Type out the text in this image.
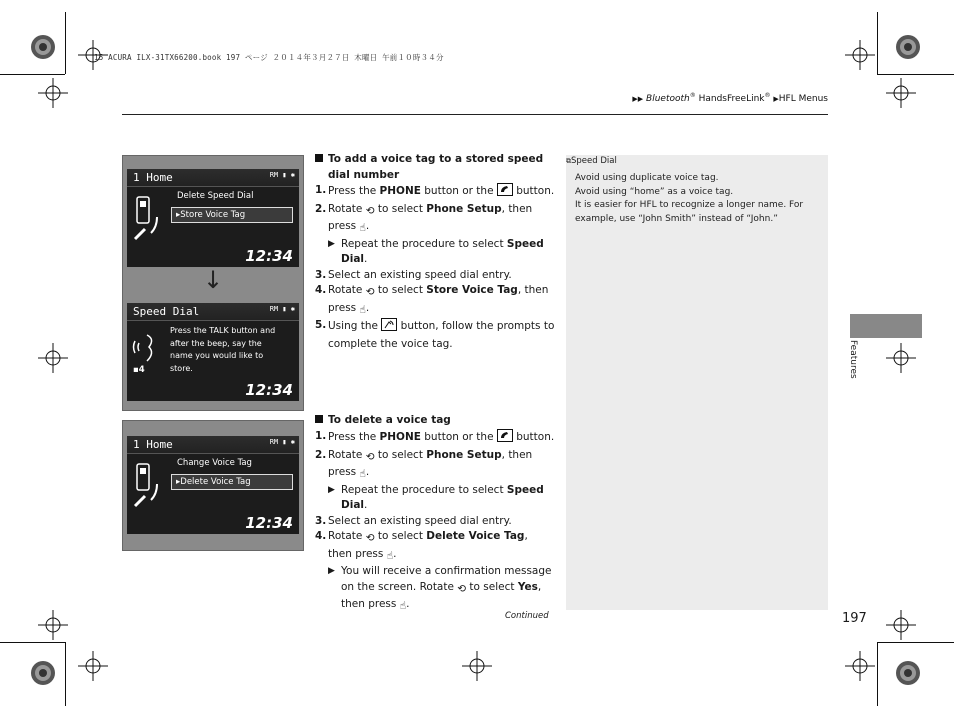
15 ACURA ILX-31TX66200.book 197 ページ ２０１４年３月２７日 木曜日 午前１０時３４分
▶▶ Bluetooth® HandsFreeLink® ▶HFL Menus
1 Home	RM ▮ ✱
Delete Speed Dial
▸Store Voice Tag
12:34
↓
Speed Dial	RM ▮ ✱
▪4
Press the TALK button and
after the beep, say the
name you would like to
store.
12:34
1 Home	RM ▮ ✱
Change Voice Tag
▸Delete Voice Tag
12:34
To add a voice tag to a stored speed
dial number
1. Press the PHONE button or the  button.
2. Rotate ⟲ to select Phone Setup, then
press ☝.
▶ Repeat the procedure to select Speed
Dial.
3. Select an existing speed dial entry.
4. Rotate ⟲ to select Store Voice Tag, then
press ☝.
5. Using the  button, follow the prompts to
complete the voice tag.
To delete a voice tag
1. Press the PHONE button or the  button.
2. Rotate ⟲ to select Phone Setup, then
press ☝.
▶ Repeat the procedure to select Speed
Dial.
3. Select an existing speed dial entry.
4. Rotate ⟲ to select Delete Voice Tag,
then press ☝.
▶ You will receive a confirmation message
on the screen. Rotate ⟲ to select Yes,
then press ☝.
⧉Speed Dial
Avoid using duplicate voice tag.
Avoid using “home” as a voice tag.
It is easier for HFL to recognize a longer name. For
example, use “John Smith” instead of “John.”
Features
Continued	197
